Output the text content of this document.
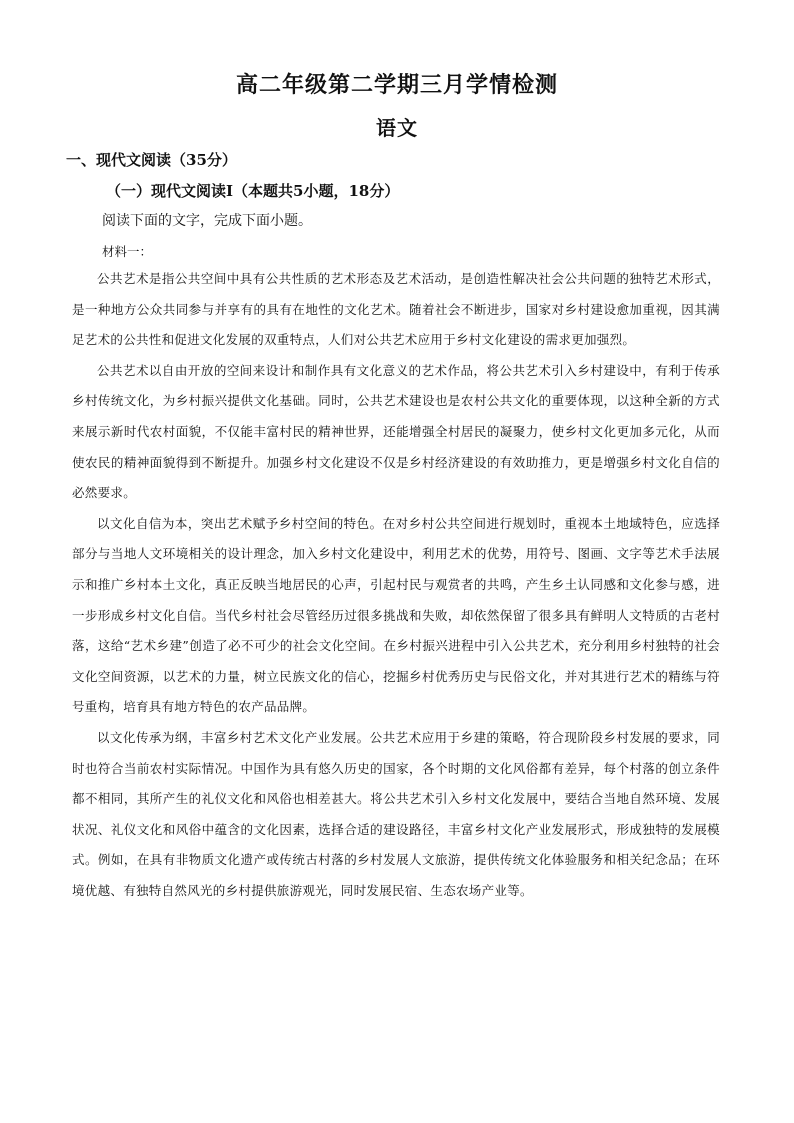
高二年级第二学期三月学情检测
语文
一、现代文阅读（35分）
（一）现代文阅读Ⅰ（本题共5小题，18分）
阅读下面的文字，完成下面小题。
材料一：

公共艺术是指公共空间中具有公共性质的艺术形态及艺术活动，是创造性解决社会公共问题的独特艺术形式，是一种地方公众共同参与并享有的具有在地性的文化艺术。随着社会不断进步，国家对乡村建设愈加重视，因其满足艺术的公共性和促进文化发展的双重特点，人们对公共艺术应用于乡村文化建设的需求更加强烈。

公共艺术以自由开放的空间来设计和制作具有文化意义的艺术作品，将公共艺术引入乡村建设中，有利于传承乡村传统文化，为乡村振兴提供文化基础。同时，公共艺术建设也是农村公共文化的重要体现，以这种全新的方式来展示新时代农村面貌，不仅能丰富村民的精神世界，还能增强全村居民的凝聚力，使乡村文化更加多元化，从而使农民的精神面貌得到不断提升。加强乡村文化建设不仅是乡村经济建设的有效助推力，更是增强乡村文化自信的必然要求。

以文化自信为本，突出艺术赋予乡村空间的特色。在对乡村公共空间进行规划时，重视本土地域特色，应选择部分与当地人文环境相关的设计理念，加入乡村文化建设中，利用艺术的优势，用符号、图画、文字等艺术手法展示和推广乡村本土文化，真正反映当地居民的心声，引起村民与观赏者的共鸣，产生乡土认同感和文化参与感，进一步形成乡村文化自信。当代乡村社会尽管经历过很多挑战和失败，却依然保留了很多具有鲜明人文特质的古老村落，这给“艺术乡建”创造了必不可少的社会文化空间。在乡村振兴进程中引入公共艺术，充分利用乡村独特的社会文化空间资源，以艺术的力量，树立民族文化的信心，挖掘乡村优秀历史与民俗文化，并对其进行艺术的精练与符号重构，培育具有地方特色的农产品品牌。

以文化传承为纲，丰富乡村艺术文化产业发展。公共艺术应用于乡建的策略，符合现阶段乡村发展的要求，同时也符合当前农村实际情况。中国作为具有悠久历史的国家，各个时期的文化风俗都有差异，每个村落的创立条件都不相同，其所产生的礼仪文化和风俗也相差甚大。将公共艺术引入乡村文化发展中，要结合当地自然环境、发展状况、礼仪文化和风俗中蕴含的文化因素，选择合适的建设路径，丰富乡村文化产业发展形式，形成独特的发展模式。例如，在具有非物质文化遗产或传统古村落的乡村发展人文旅游，提供传统文化体验服务和相关纪念品；在环境优越、有独特自然风光的乡村提供旅游观光，同时发展民宿、生态农场产业等。
